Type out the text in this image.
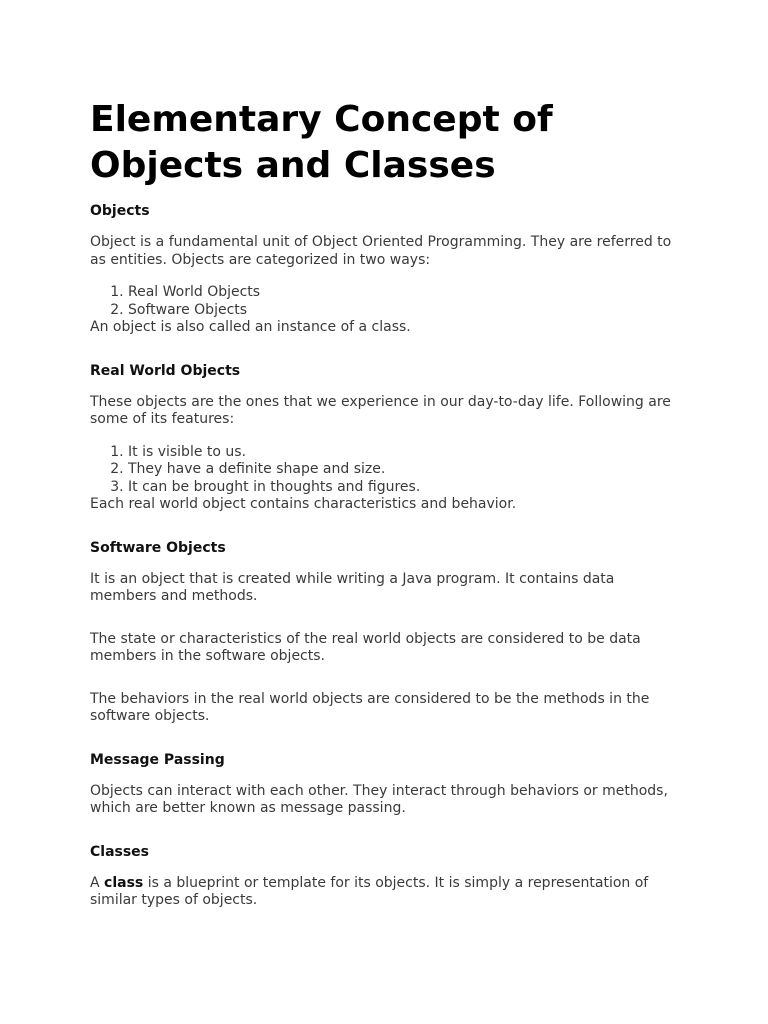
Elementary Concept of Objects and Classes
Objects

Object is a fundamental unit of Object Oriented Programming. They are referred to as entities. Objects are categorized in two ways:

1. Real World Objects
2. Software Objects

An object is also called an instance of a class.

Real World Objects

These objects are the ones that we experience in our day-to-day life. Following are some of its features:

1. It is visible to us.
2. They have a definite shape and size.
3. It can be brought in thoughts and figures.

Each real world object contains characteristics and behavior.

Software Objects

It is an object that is created while writing a Java program. It contains data members and methods.

The state or characteristics of the real world objects are considered to be data members in the software objects.

The behaviors in the real world objects are considered to be the methods in the software objects.

Message Passing

Objects can interact with each other. They interact through behaviors or methods, which are better known as message passing.

Classes

A class is a blueprint or template for its objects. It is simply a representation of similar types of objects.
